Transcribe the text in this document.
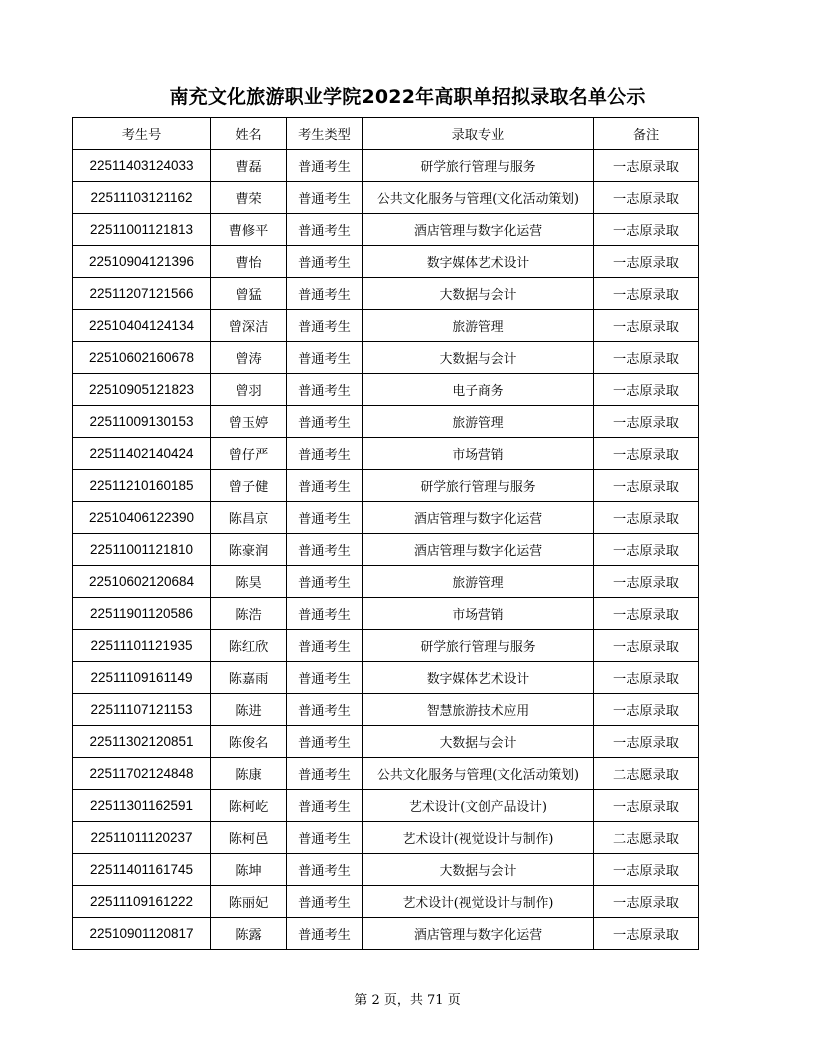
南充文化旅游职业学院2022年高职单招拟录取名单公示
考生号	姓名	考生类型	录取专业	备注
22511403124033	曹磊	普通考生	研学旅行管理与服务	一志原录取
22511103121162	曹荣	普通考生	公共文化服务与管理(文化活动策划)	一志原录取
22511001121813	曹修平	普通考生	酒店管理与数字化运营	一志原录取
22510904121396	曹怡	普通考生	数字媒体艺术设计	一志原录取
22511207121566	曾猛	普通考生	大数据与会计	一志原录取
22510404124134	曾深洁	普通考生	旅游管理	一志原录取
22510602160678	曾涛	普通考生	大数据与会计	一志原录取
22510905121823	曾羽	普通考生	电子商务	一志原录取
22511009130153	曾玉婷	普通考生	旅游管理	一志原录取
22511402140424	曾仔严	普通考生	市场营销	一志原录取
22511210160185	曾子健	普通考生	研学旅行管理与服务	一志原录取
22510406122390	陈昌京	普通考生	酒店管理与数字化运营	一志原录取
22511001121810	陈豪润	普通考生	酒店管理与数字化运营	一志原录取
22510602120684	陈昊	普通考生	旅游管理	一志原录取
22511901120586	陈浩	普通考生	市场营销	一志原录取
22511101121935	陈红欣	普通考生	研学旅行管理与服务	一志原录取
22511109161149	陈嘉雨	普通考生	数字媒体艺术设计	一志原录取
22511107121153	陈进	普通考生	智慧旅游技术应用	一志原录取
22511302120851	陈俊名	普通考生	大数据与会计	一志原录取
22511702124848	陈康	普通考生	公共文化服务与管理(文化活动策划)	二志愿录取
22511301162591	陈柯屹	普通考生	艺术设计(文创产品设计)	一志原录取
22511011120237	陈柯邑	普通考生	艺术设计(视觉设计与制作)	二志愿录取
22511401161745	陈坤	普通考生	大数据与会计	一志原录取
22511109161222	陈丽妃	普通考生	艺术设计(视觉设计与制作)	一志原录取
22510901120817	陈露	普通考生	酒店管理与数字化运营	一志原录取
第 2 页，共 71 页
